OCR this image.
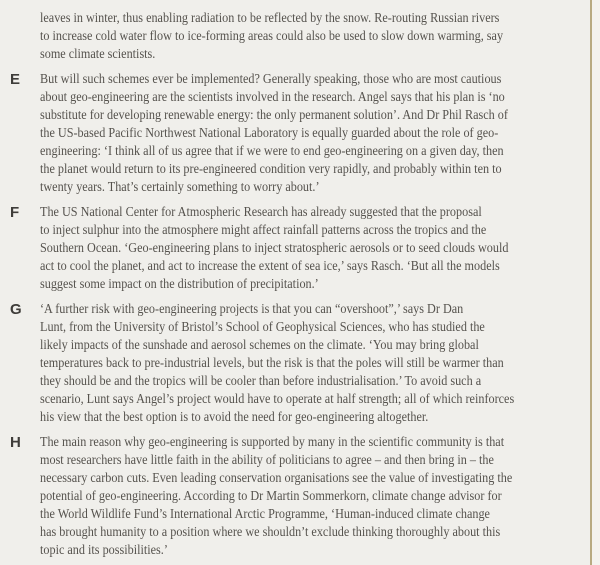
leaves in winter, thus enabling radiation to be reflected by the snow. Re-routing Russian rivers
to increase cold water flow to ice-forming areas could also be used to slow down warming, say
some climate scientists.
E But will such schemes ever be implemented? Generally speaking, those who are most cautious
about geo-engineering are the scientists involved in the research. Angel says that his plan is ‘no
substitute for developing renewable energy: the only permanent solution’. And Dr Phil Rasch of
the US-based Pacific Northwest National Laboratory is equally guarded about the role of geo-
engineering: ‘I think all of us agree that if we were to end geo-engineering on a given day, then
the planet would return to its pre-engineered condition very rapidly, and probably within ten to
twenty years. That’s certainly something to worry about.’
F The US National Center for Atmospheric Research has already suggested that the proposal
to inject sulphur into the atmosphere might affect rainfall patterns across the tropics and the
Southern Ocean. ‘Geo-engineering plans to inject stratospheric aerosols or to seed clouds would
act to cool the planet, and act to increase the extent of sea ice,’ says Rasch. ‘But all the models
suggest some impact on the distribution of precipitation.’
G ‘A further risk with geo-engineering projects is that you can “overshoot”,’ says Dr Dan
Lunt, from the University of Bristol’s School of Geophysical Sciences, who has studied the
likely impacts of the sunshade and aerosol schemes on the climate. ‘You may bring global
temperatures back to pre-industrial levels, but the risk is that the poles will still be warmer than
they should be and the tropics will be cooler than before industrialisation.’ To avoid such a
scenario, Lunt says Angel’s project would have to operate at half strength; all of which reinforces
his view that the best option is to avoid the need for geo-engineering altogether.
H The main reason why geo-engineering is supported by many in the scientific community is that
most researchers have little faith in the ability of politicians to agree – and then bring in – the
necessary carbon cuts. Even leading conservation organisations see the value of investigating the
potential of geo-engineering. According to Dr Martin Sommerkorn, climate change advisor for
the World Wildlife Fund’s International Arctic Programme, ‘Human-induced climate change
has brought humanity to a position where we shouldn’t exclude thinking thoroughly about this
topic and its possibilities.’
